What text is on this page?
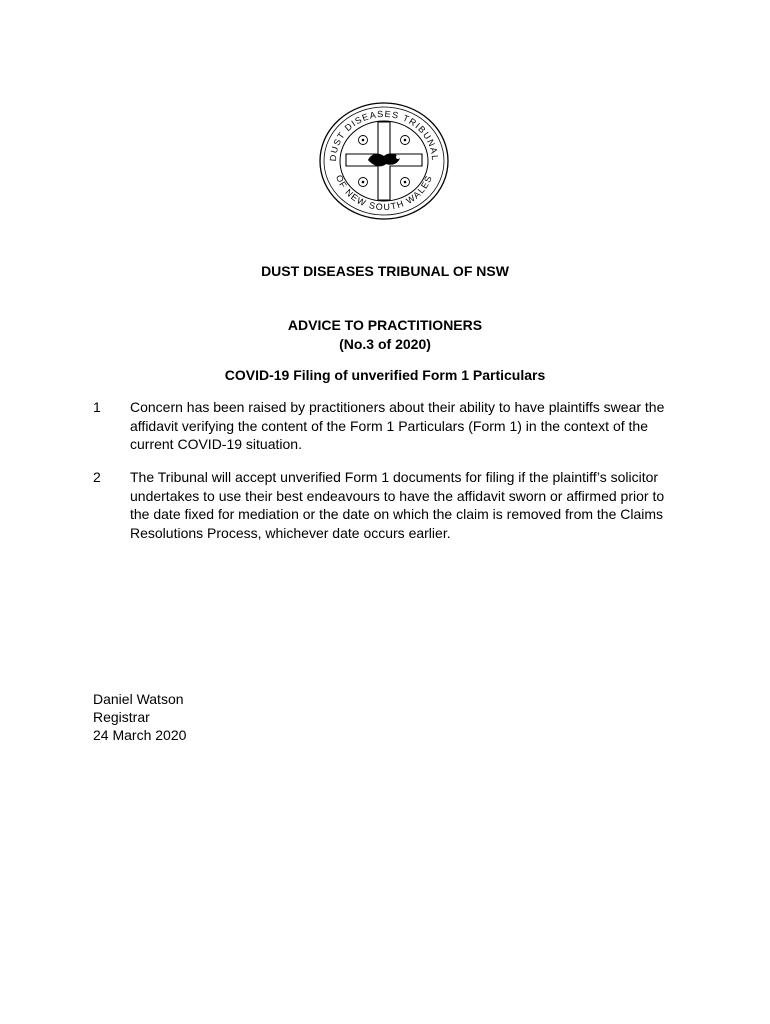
DUST DISEASES TRIBUNAL
OF NEW SOUTH WALES
DUST DISEASES TRIBUNAL OF NSW
ADVICE TO PRACTITIONERS
(No.3 of 2020)
COVID-19 Filing of unverified Form 1 Particulars
1 Concern has been raised by practitioners about their ability to have plaintiffs swear the affidavit verifying the content of the Form 1 Particulars (Form 1) in the context of the current COVID-19 situation.
2 The Tribunal will accept unverified Form 1 documents for filing if the plaintiff’s solicitor undertakes to use their best endeavours to have the affidavit sworn or affirmed prior to the date fixed for mediation or the date on which the claim is removed from the Claims Resolutions Process, whichever date occurs earlier.
Daniel Watson
Registrar
24 March 2020
